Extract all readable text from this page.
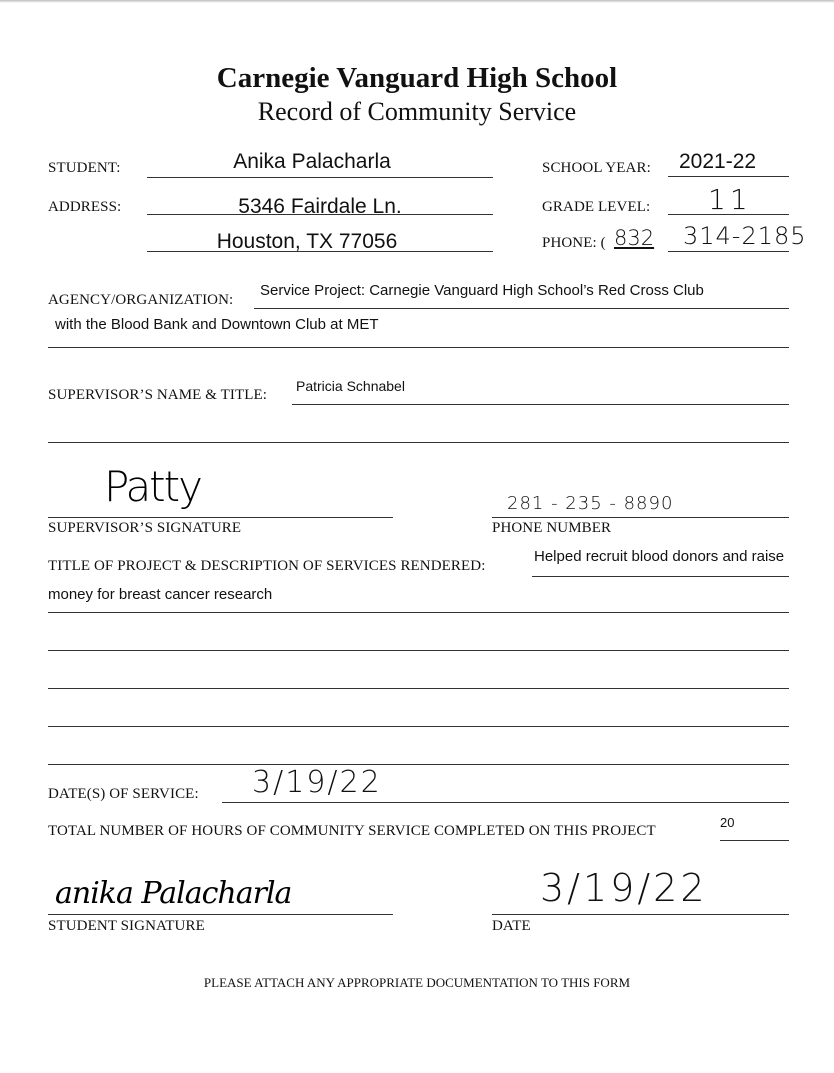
Carnegie Vanguard High School
Record of Community Service
STUDENT:	Anika Palacharla	SCHOOL YEAR: 2021-22
ADDRESS:	5346 Fairdale Ln.	GRADE LEVEL: 11
Houston, TX 77056	PHONE: ( 832 314-2185
AGENCY/ORGANIZATION:
Service Project: Carnegie Vanguard High School’s Red Cross Club
with the Blood Bank and Downtown Club at MET
SUPERVISOR’S NAME & TITLE:
Patricia Schnabel
Patty
SUPERVISOR’S SIGNATURE
281 - 235 - 8890
PHONE NUMBER
TITLE OF PROJECT & DESCRIPTION OF SERVICES RENDERED:
Helped recruit blood donors and raise
money for breast cancer research
DATE(S) OF SERVICE: 3/19/22
TOTAL NUMBER OF HOURS OF COMMUNITY SERVICE COMPLETED ON THIS PROJECT
20
anika Palacharla
STUDENT SIGNATURE
3/19/22
DATE
PLEASE ATTACH ANY APPROPRIATE DOCUMENTATION TO THIS FORM
